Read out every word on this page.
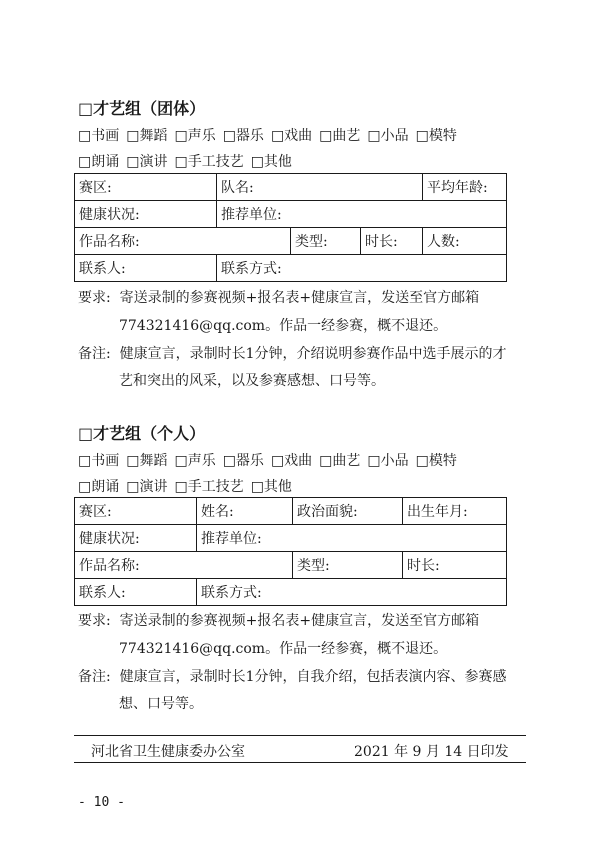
□才艺组（团体）
□书画 □舞蹈 □声乐 □器乐 □戏曲 □曲艺 □小品 □模特
□朗诵 □演讲 □手工技艺 □其他
赛区:	队名:			平均年龄:
健康状况:	推荐单位:			
作品名称:		类型:	时长:	人数:
联系人:	联系方式:			
要求: 寄送录制的参赛视频+报名表+健康宣言，发送至官方邮箱
774321416@qq.com。作品一经参赛，概不退还。
备注: 健康宣言，录制时长1分钟，介绍说明参赛作品中选手展示的才
艺和突出的风采，以及参赛感想、口号等。
□才艺组（个人）
□书画 □舞蹈 □声乐 □器乐 □戏曲 □曲艺 □小品 □模特
□朗诵 □演讲 □手工技艺 □其他
赛区:	姓名:	政治面貌:	出生年月:
健康状况:	推荐单位:		
作品名称:		类型:	时长:
联系人:	联系方式:		
要求: 寄送录制的参赛视频+报名表+健康宣言，发送至官方邮箱
774321416@qq.com。作品一经参赛，概不退还。
备注: 健康宣言，录制时长1分钟，自我介绍，包括表演内容、参赛感
想、口号等。
河北省卫生健康委办公室	2021 年 9 月 14 日印发
- 10 -
